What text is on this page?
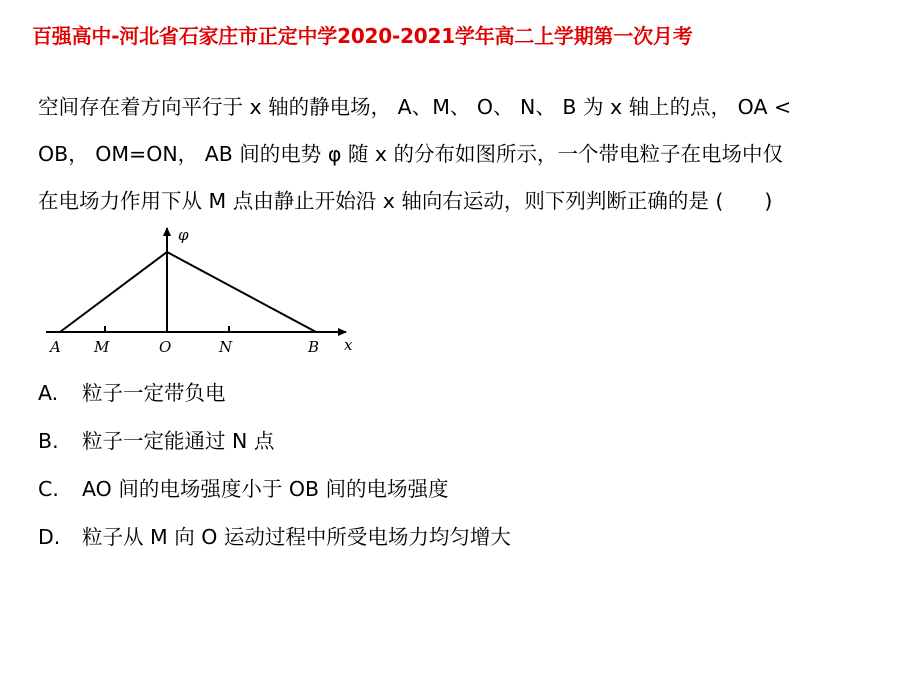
百强高中-河北省石家庄市正定中学2020-2021学年高二上学期第一次月考
空间存在着方向平行于 x 轴的静电场， A、M、 O、 N、 B 为 x 轴上的点， OA <
OB， OM=ON， AB 间的电势 φ 随 x 的分布如图所示，一个带电粒子在电场中仅
在电场力作用下从 M 点由静止开始沿 x 轴向右运动，则下列判断正确的是 (　　)
φ
x
A M	O	N	B
A. 粒子一定带负电
B. 粒子一定能通过 N 点
C. AO 间的电场强度小于 OB 间的电场强度
D. 粒子从 M 向 O 运动过程中所受电场力均匀增大
